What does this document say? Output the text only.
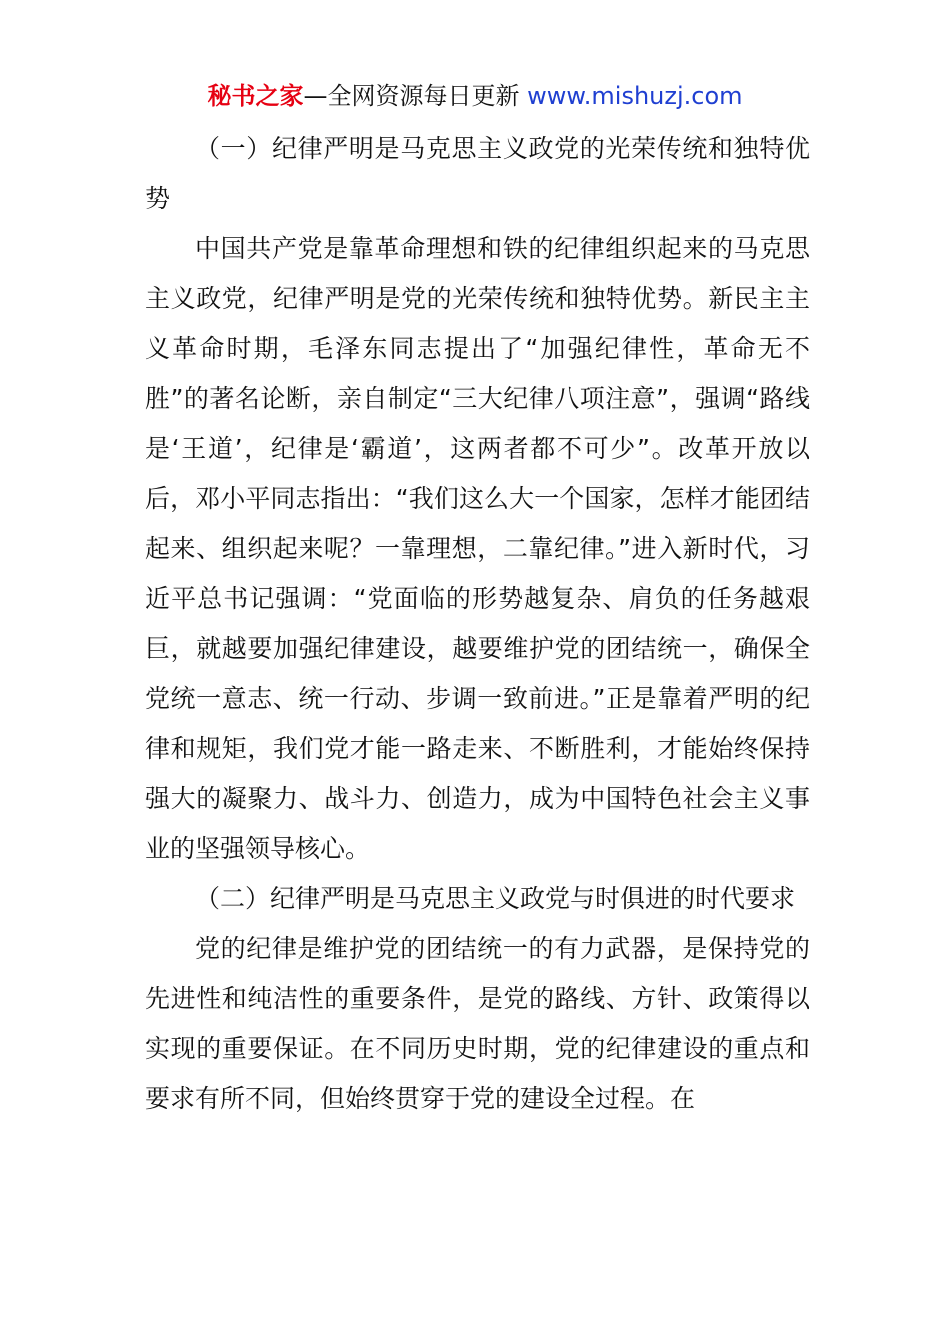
秘书之家—全网资源每日更新 www.mishuzj.com

（一）纪律严明是马克思主义政党的光荣传统和独特优势

中国共产党是靠革命理想和铁的纪律组织起来的马克思主义政党，纪律严明是党的光荣传统和独特优势。新民主主义革命时期，毛泽东同志提出了“加强纪律性，革命无不胜”的著名论断，亲自制定“三大纪律八项注意”，强调“路线是‘王道’，纪律是‘霸道’，这两者都不可少”。改革开放以后，邓小平同志指出：“我们这么大一个国家，怎样才能团结起来、组织起来呢？一靠理想，二靠纪律。”进入新时代，习近平总书记强调：“党面临的形势越复杂、肩负的任务越艰巨，就越要加强纪律建设，越要维护党的团结统一，确保全党统一意志、统一行动、步调一致前进。”正是靠着严明的纪律和规矩，我们党才能一路走来、不断胜利，才能始终保持强大的凝聚力、战斗力、创造力，成为中国特色社会主义事业的坚强领导核心。

（二）纪律严明是马克思主义政党与时俱进的时代要求

党的纪律是维护党的团结统一的有力武器，是保持党的先进性和纯洁性的重要条件，是党的路线、方针、政策得以实现的重要保证。在不同历史时期，党的纪律建设的重点和要求有所不同，但始终贯穿于党的建设全过程。在
